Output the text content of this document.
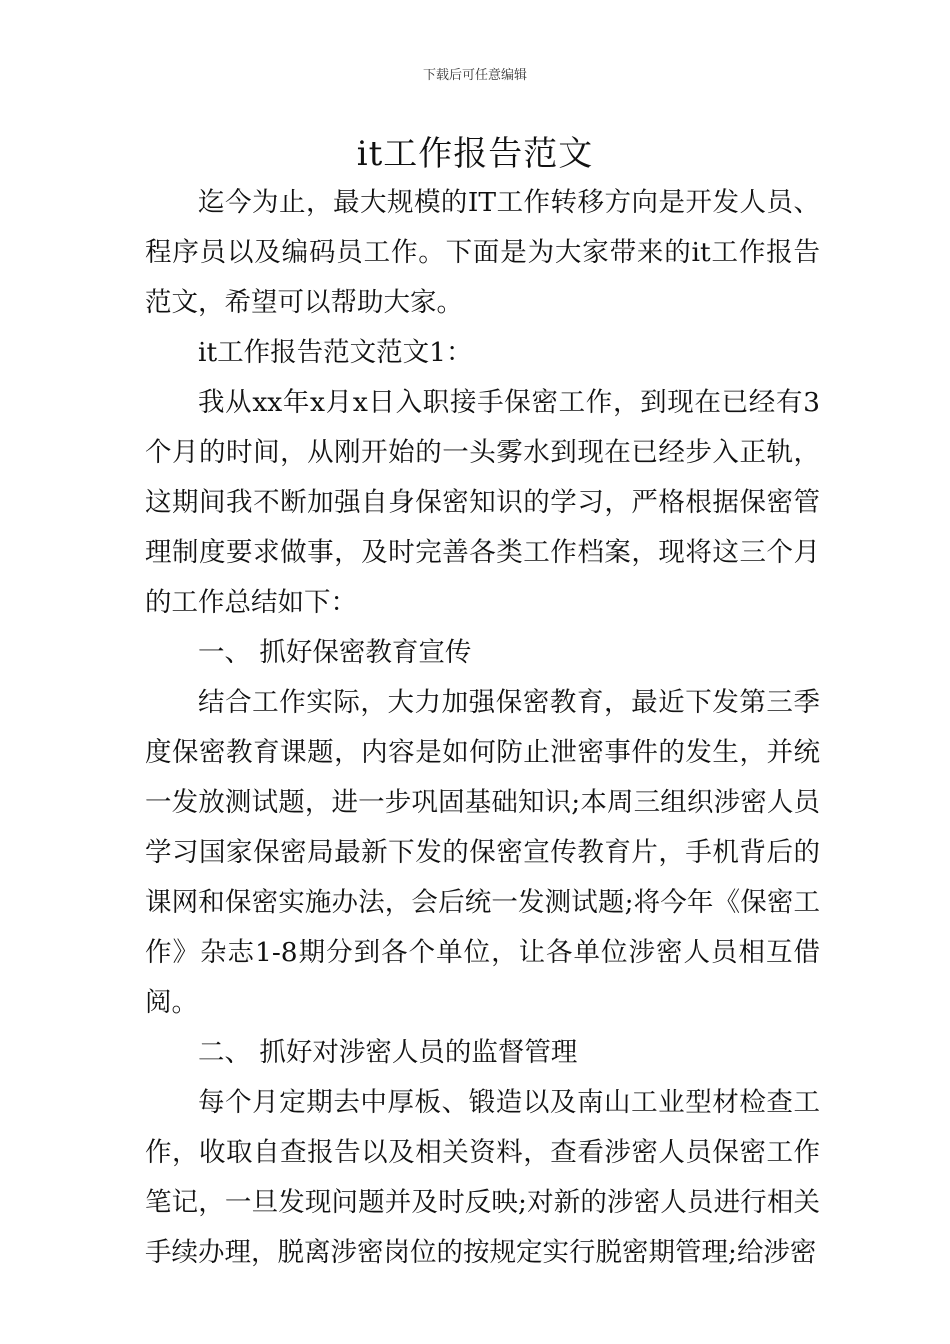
下载后可任意编辑
it工作报告范文

迄今为止，最大规模的IT工作转移方向是开发人员、程序员以及编码员工作。下面是为大家带来的it工作报告范文，希望可以帮助大家。

it工作报告范文范文1：

我从xx年x月x日入职接手保密工作，到现在已经有3个月的时间，从刚开始的一头雾水到现在已经步入正轨，这期间我不断加强自身保密知识的学习，严格根据保密管理制度要求做事，及时完善各类工作档案，现将这三个月的工作总结如下：

一、 抓好保密教育宣传

结合工作实际，大力加强保密教育，最近下发第三季度保密教育课题，内容是如何防止泄密事件的发生，并统一发放测试题，进一步巩固基础知识;本周三组织涉密人员学习国家保密局最新下发的保密宣传教育片，手机背后的课网和保密实施办法，会后统一发测试题;将今年《保密工作》杂志1-8期分到各个单位，让各单位涉密人员相互借阅。

二、 抓好对涉密人员的监督管理

每个月定期去中厚板、锻造以及南山工业型材检查工作，收取自查报告以及相关资料，查看涉密人员保密工作笔记，一旦发现问题并及时反映;对新的涉密人员进行相关手续办理，脱离涉密岗位的按规定实行脱密期管理;给涉密
